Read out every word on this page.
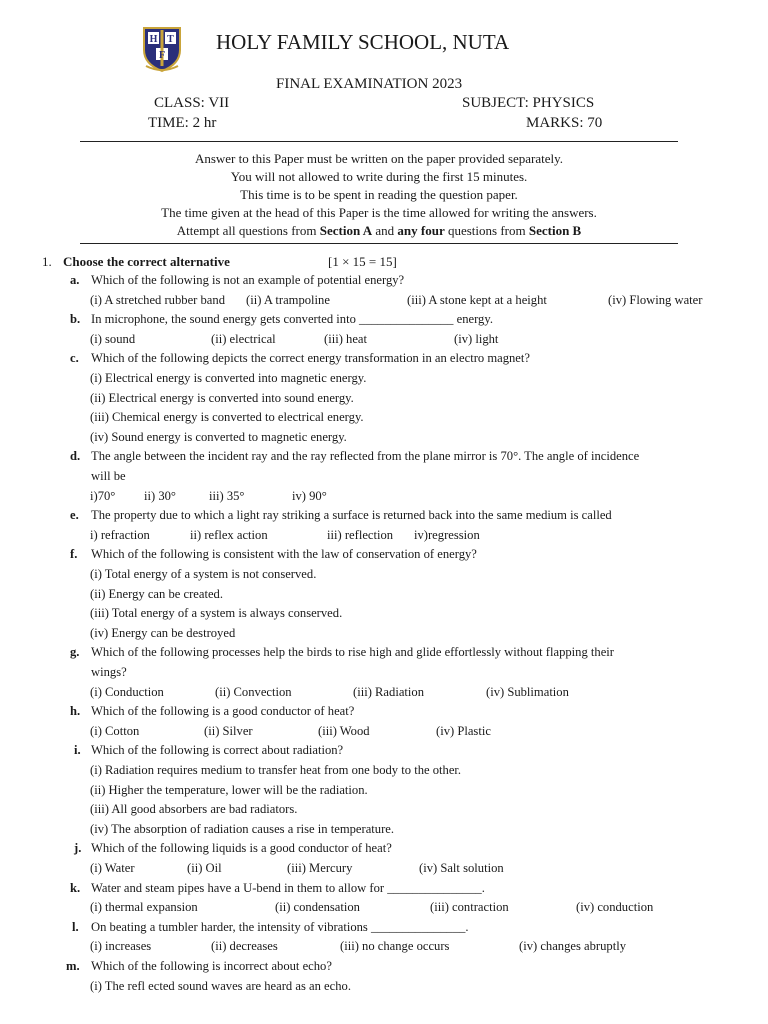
H T
F
HOLY FAMILY SCHOOL, NUTA
FINAL EXAMINATION 2023
CLASS: VII	SUBJECT: PHYSICS
TIME: 2 hr	MARKS: 70
Answer to this Paper must be written on the paper provided separately.
You will not allowed to write during the first 15 minutes.
This time is to be spent in reading the question paper.
The time given at the head of this Paper is the time allowed for writing the answers.
Attempt all questions from Section A and any four questions from Section B
1. Choose the correct alternative	[1 × 15 = 15]
a. Which of the following is not an example of potential energy?
(i) A stretched rubber band (ii) A trampoline	(iii) A stone kept at a height	(iv) Flowing water
b. In microphone, the sound energy gets converted into _______________ energy.
(i) sound	(ii) electrical	(iii) heat	(iv) light
c. Which of the following depicts the correct energy transformation in an electro magnet?
(i) Electrical energy is converted into magnetic energy.
(ii) Electrical energy is converted into sound energy.
(iii) Chemical energy is converted to electrical energy.
(iv) Sound energy is converted to magnetic energy.
d. The angle between the incident ray and the ray reflected from the plane mirror is 70°. The angle of incidence
will be
i)70° ii) 30°	iii) 35°	iv) 90°
e. The property due to which a light ray striking a surface is returned back into the same medium is called
i) refraction	ii) reflex action	iii) reflection iv)regression
f. Which of the following is consistent with the law of conservation of energy?
(i) Total energy of a system is not conserved.
(ii) Energy can be created.
(iii) Total energy of a system is always conserved.
(iv) Energy can be destroyed
g. Which of the following processes help the birds to rise high and glide effortlessly without flapping their
wings?
(i) Conduction	(ii) Convection	(iii) Radiation	(iv) Sublimation
h. Which of the following is a good conductor of heat?
(i) Cotton	(ii) Silver	(iii) Wood	(iv) Plastic
i. Which of the following is correct about radiation?
(i) Radiation requires medium to transfer heat from one body to the other.
(ii) Higher the temperature, lower will be the radiation.
(iii) All good absorbers are bad radiators.
(iv) The absorption of radiation causes a rise in temperature.
j. Which of the following liquids is a good conductor of heat?
(i) Water	(ii) Oil	(iii) Mercury	(iv) Salt solution
k. Water and steam pipes have a U-bend in them to allow for _______________.
(i) thermal expansion	(ii) condensation	(iii) contraction	(iv) conduction
l. On beating a tumbler harder, the intensity of vibrations _______________.
(i) increases	(ii) decreases	(iii) no change occurs	(iv) changes abruptly
m. Which of the following is incorrect about echo?
(i) The refl ected sound waves are heard as an echo.
